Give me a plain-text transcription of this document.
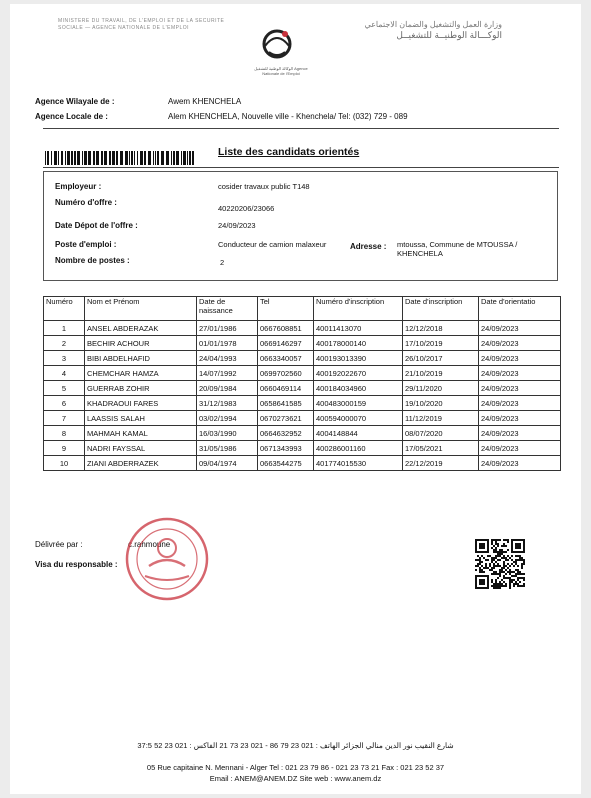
MINISTERE DU TRAVAIL, DE L'EMPLOI ET DE LA SECURITE SOCIALE — AGENCE NATIONALE DE L'EMPLOI	وزارة العمل والتشغيل والضمان الاجتماعي
الوكـــالة الوطنيــة للتشغيــل
الوكالة الوطنية للتشغيل Agence Nationale de l'Emploi
Agence Wilayale de :	Awem KHENCHELA
Agence Locale de :	Alem KHENCHELA, Nouvelle ville - Khenchela/ Tel: (032) 729 - 089
Liste des candidats orientés
Employeur :	cosider travaux public T148
Numéro d'offre :
40220206/23066
Date Dépot de l'offre :	24/09/2023
Poste d'emploi :	Conducteur de camion malaxeur
Nombre de postes :	2
Adresse : mtoussa, Commune de MTOUSSA / KHENCHELA
Numéro	Nom et Prénom	Date de naissance	Tel	Numéro d'inscription	Date d'inscription	Date d'orientatio
1	ANSEL ABDERAZAK	27/01/1986	0667608851	40011413070	12/12/2018	24/09/2023
2	BECHIR ACHOUR	01/01/1978	0669146297	400178000140	17/10/2019	24/09/2023
3	BIBI ABDELHAFID	24/04/1993	0663340057	400193013390	26/10/2017	24/09/2023
4	CHEMCHAR HAMZA	14/07/1992	0699702560	400192022670	21/10/2019	24/09/2023
5	GUERRAB ZOHIR	20/09/1984	0660469114	400184034960	29/11/2020	24/09/2023
6	KHADRAOUI FARES	31/12/1983	0658641585	400483000159	19/10/2020	24/09/2023
7	LAASSIS SALAH	03/02/1994	0670273621	400594000070	11/12/2019	24/09/2023
8	MAHMAH KAMAL	16/03/1990	0664632952	4004148844	08/07/2020	24/09/2023
9	NADRI FAYSSAL	31/05/1986	0671343993	400286001160	17/05/2021	24/09/2023
10	ZIANI ABDERRAZEK	09/04/1974	0663544275	401774015530	22/12/2019	24/09/2023
Délivrée par :	c.rahmoune
Visa du responsable :
شارع النقيب نور الدين منالي الجزائر الهاتف : 021 23 79 86 - 021 23 73 21 الفاكس : 021 23 52 37:5
05 Rue capitaine N. Mennani - Alger Tel : 021 23 79 86 - 021 23 73 21 Fax : 021 23 52 37
Email : ANEM@ANEM.DZ Site web : www.anem.dz
